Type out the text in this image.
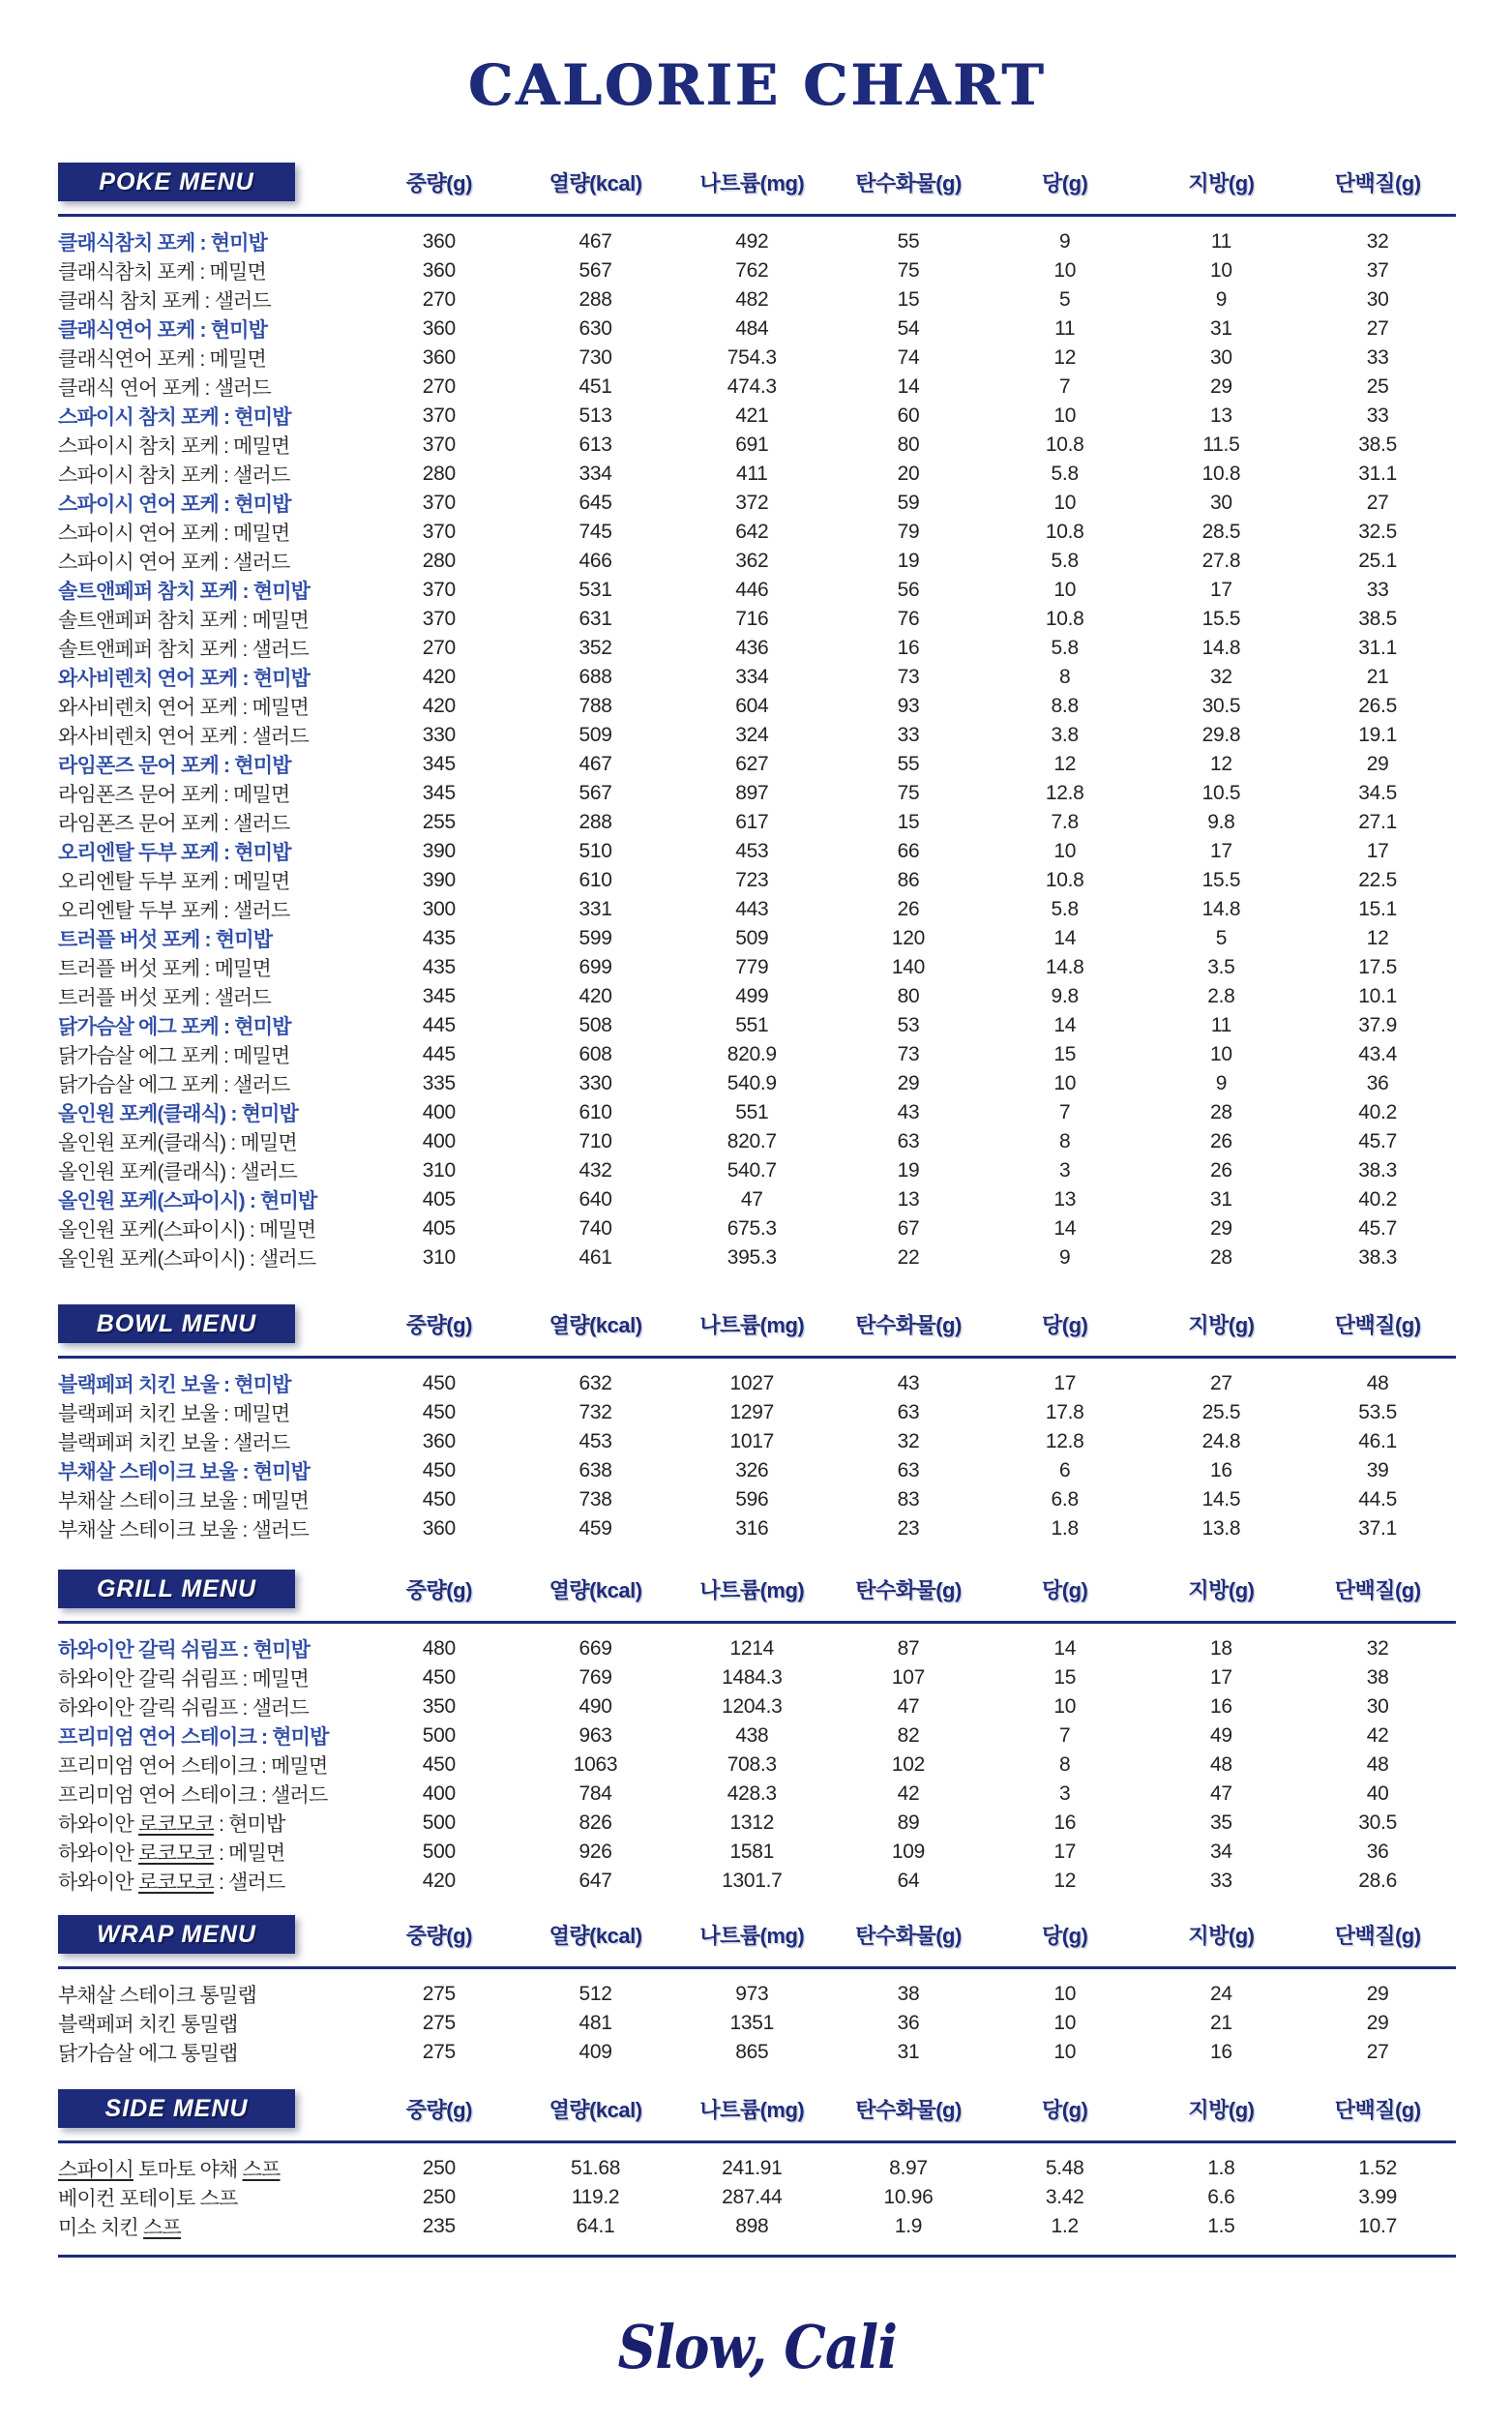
CALORIE CHART
POKE MENU	중량(g)	열량(kcal)	나트륨(mg)	탄수화물(g)	당(g)	지방(g)	단백질(g)
클래식참치 포케 : 현미밥	360	467	492	55	9	11	32
클래식참치 포케 : 메밀면	360	567	762	75	10	10	37
클래식 참치 포케 : 샐러드	270	288	482	15	5	9	30
클래식연어 포케 : 현미밥	360	630	484	54	11	31	27
클래식연어 포케 : 메밀면	360	730	754.3	74	12	30	33
클래식 연어 포케 : 샐러드	270	451	474.3	14	7	29	25
스파이시 참치 포케 : 현미밥	370	513	421	60	10	13	33
스파이시 참치 포케 : 메밀면	370	613	691	80	10.8	11.5	38.5
스파이시 참치 포케 : 샐러드	280	334	411	20	5.8	10.8	31.1
스파이시 연어 포케 : 현미밥	370	645	372	59	10	30	27
스파이시 연어 포케 : 메밀면	370	745	642	79	10.8	28.5	32.5
스파이시 연어 포케 : 샐러드	280	466	362	19	5.8	27.8	25.1
솔트앤페퍼 참치 포케 : 현미밥	370	531	446	56	10	17	33
솔트앤페퍼 참치 포케 : 메밀면	370	631	716	76	10.8	15.5	38.5
솔트앤페퍼 참치 포케 : 샐러드	270	352	436	16	5.8	14.8	31.1
와사비렌치 연어 포케 : 현미밥	420	688	334	73	8	32	21
와사비렌치 연어 포케 : 메밀면	420	788	604	93	8.8	30.5	26.5
와사비렌치 연어 포케 : 샐러드	330	509	324	33	3.8	29.8	19.1
라임폰즈 문어 포케 : 현미밥	345	467	627	55	12	12	29
라임폰즈 문어 포케 : 메밀면	345	567	897	75	12.8	10.5	34.5
라임폰즈 문어 포케 : 샐러드	255	288	617	15	7.8	9.8	27.1
오리엔탈 두부 포케 : 현미밥	390	510	453	66	10	17	17
오리엔탈 두부 포케 : 메밀면	390	610	723	86	10.8	15.5	22.5
오리엔탈 두부 포케 : 샐러드	300	331	443	26	5.8	14.8	15.1
트러플 버섯 포케 : 현미밥	435	599	509	120	14	5	12
트러플 버섯 포케 : 메밀면	435	699	779	140	14.8	3.5	17.5
트러플 버섯 포케 : 샐러드	345	420	499	80	9.8	2.8	10.1
닭가슴살 에그 포케 : 현미밥	445	508	551	53	14	11	37.9
닭가슴살 에그 포케 : 메밀면	445	608	820.9	73	15	10	43.4
닭가슴살 에그 포케 : 샐러드	335	330	540.9	29	10	9	36
올인원 포케(클래식) : 현미밥	400	610	551	43	7	28	40.2
올인원 포케(클래식) : 메밀면	400	710	820.7	63	8	26	45.7
올인원 포케(클래식) : 샐러드	310	432	540.7	19	3	26	38.3
올인원 포케(스파이시) : 현미밥	405	640	47	13	13	31	40.2
올인원 포케(스파이시) : 메밀면	405	740	675.3	67	14	29	45.7
올인원 포케(스파이시) : 샐러드	310	461	395.3	22	9	28	38.3
BOWL MENU	중량(g)	열량(kcal)	나트륨(mg)	탄수화물(g)	당(g)	지방(g)	단백질(g)
블랙페퍼 치킨 보울 : 현미밥	450	632	1027	43	17	27	48
블랙페퍼 치킨 보울 : 메밀면	450	732	1297	63	17.8	25.5	53.5
블랙페퍼 치킨 보울 : 샐러드	360	453	1017	32	12.8	24.8	46.1
부채살 스테이크 보울 : 현미밥	450	638	326	63	6	16	39
부채살 스테이크 보울 : 메밀면	450	738	596	83	6.8	14.5	44.5
부채살 스테이크 보울 : 샐러드	360	459	316	23	1.8	13.8	37.1
GRILL MENU	중량(g)	열량(kcal)	나트륨(mg)	탄수화물(g)	당(g)	지방(g)	단백질(g)
하와이안 갈릭 쉬림프 : 현미밥	480	669	1214	87	14	18	32
하와이안 갈릭 쉬림프 : 메밀면	450	769	1484.3	107	15	17	38
하와이안 갈릭 쉬림프 : 샐러드	350	490	1204.3	47	10	16	30
프리미엄 연어 스테이크 : 현미밥	500	963	438	82	7	49	42
프리미엄 연어 스테이크 : 메밀면	450	1063	708.3	102	8	48	48
프리미엄 연어 스테이크 : 샐러드	400	784	428.3	42	3	47	40
하와이안 로코모코 : 현미밥	500	826	1312	89	16	35	30.5
하와이안 로코모코 : 메밀면	500	926	1581	109	17	34	36
하와이안 로코모코 : 샐러드	420	647	1301.7	64	12	33	28.6
WRAP MENU	중량(g)	열량(kcal)	나트륨(mg)	탄수화물(g)	당(g)	지방(g)	단백질(g)
부채살 스테이크 통밀랩	275	512	973	38	10	24	29
블랙페퍼 치킨 통밀랩	275	481	1351	36	10	21	29
닭가슴살 에그 통밀랩	275	409	865	31	10	16	27
SIDE MENU	중량(g)	열량(kcal)	나트륨(mg)	탄수화물(g)	당(g)	지방(g)	단백질(g)
스파이시 토마토 야채 스프	250	51.68	241.91	8.97	5.48	1.8	1.52
베이컨 포테이토 스프	250	119.2	287.44	10.96	3.42	6.6	3.99
미소 치킨 스프	235	64.1	898	1.9	1.2	1.5	10.7
Slow, Cali
